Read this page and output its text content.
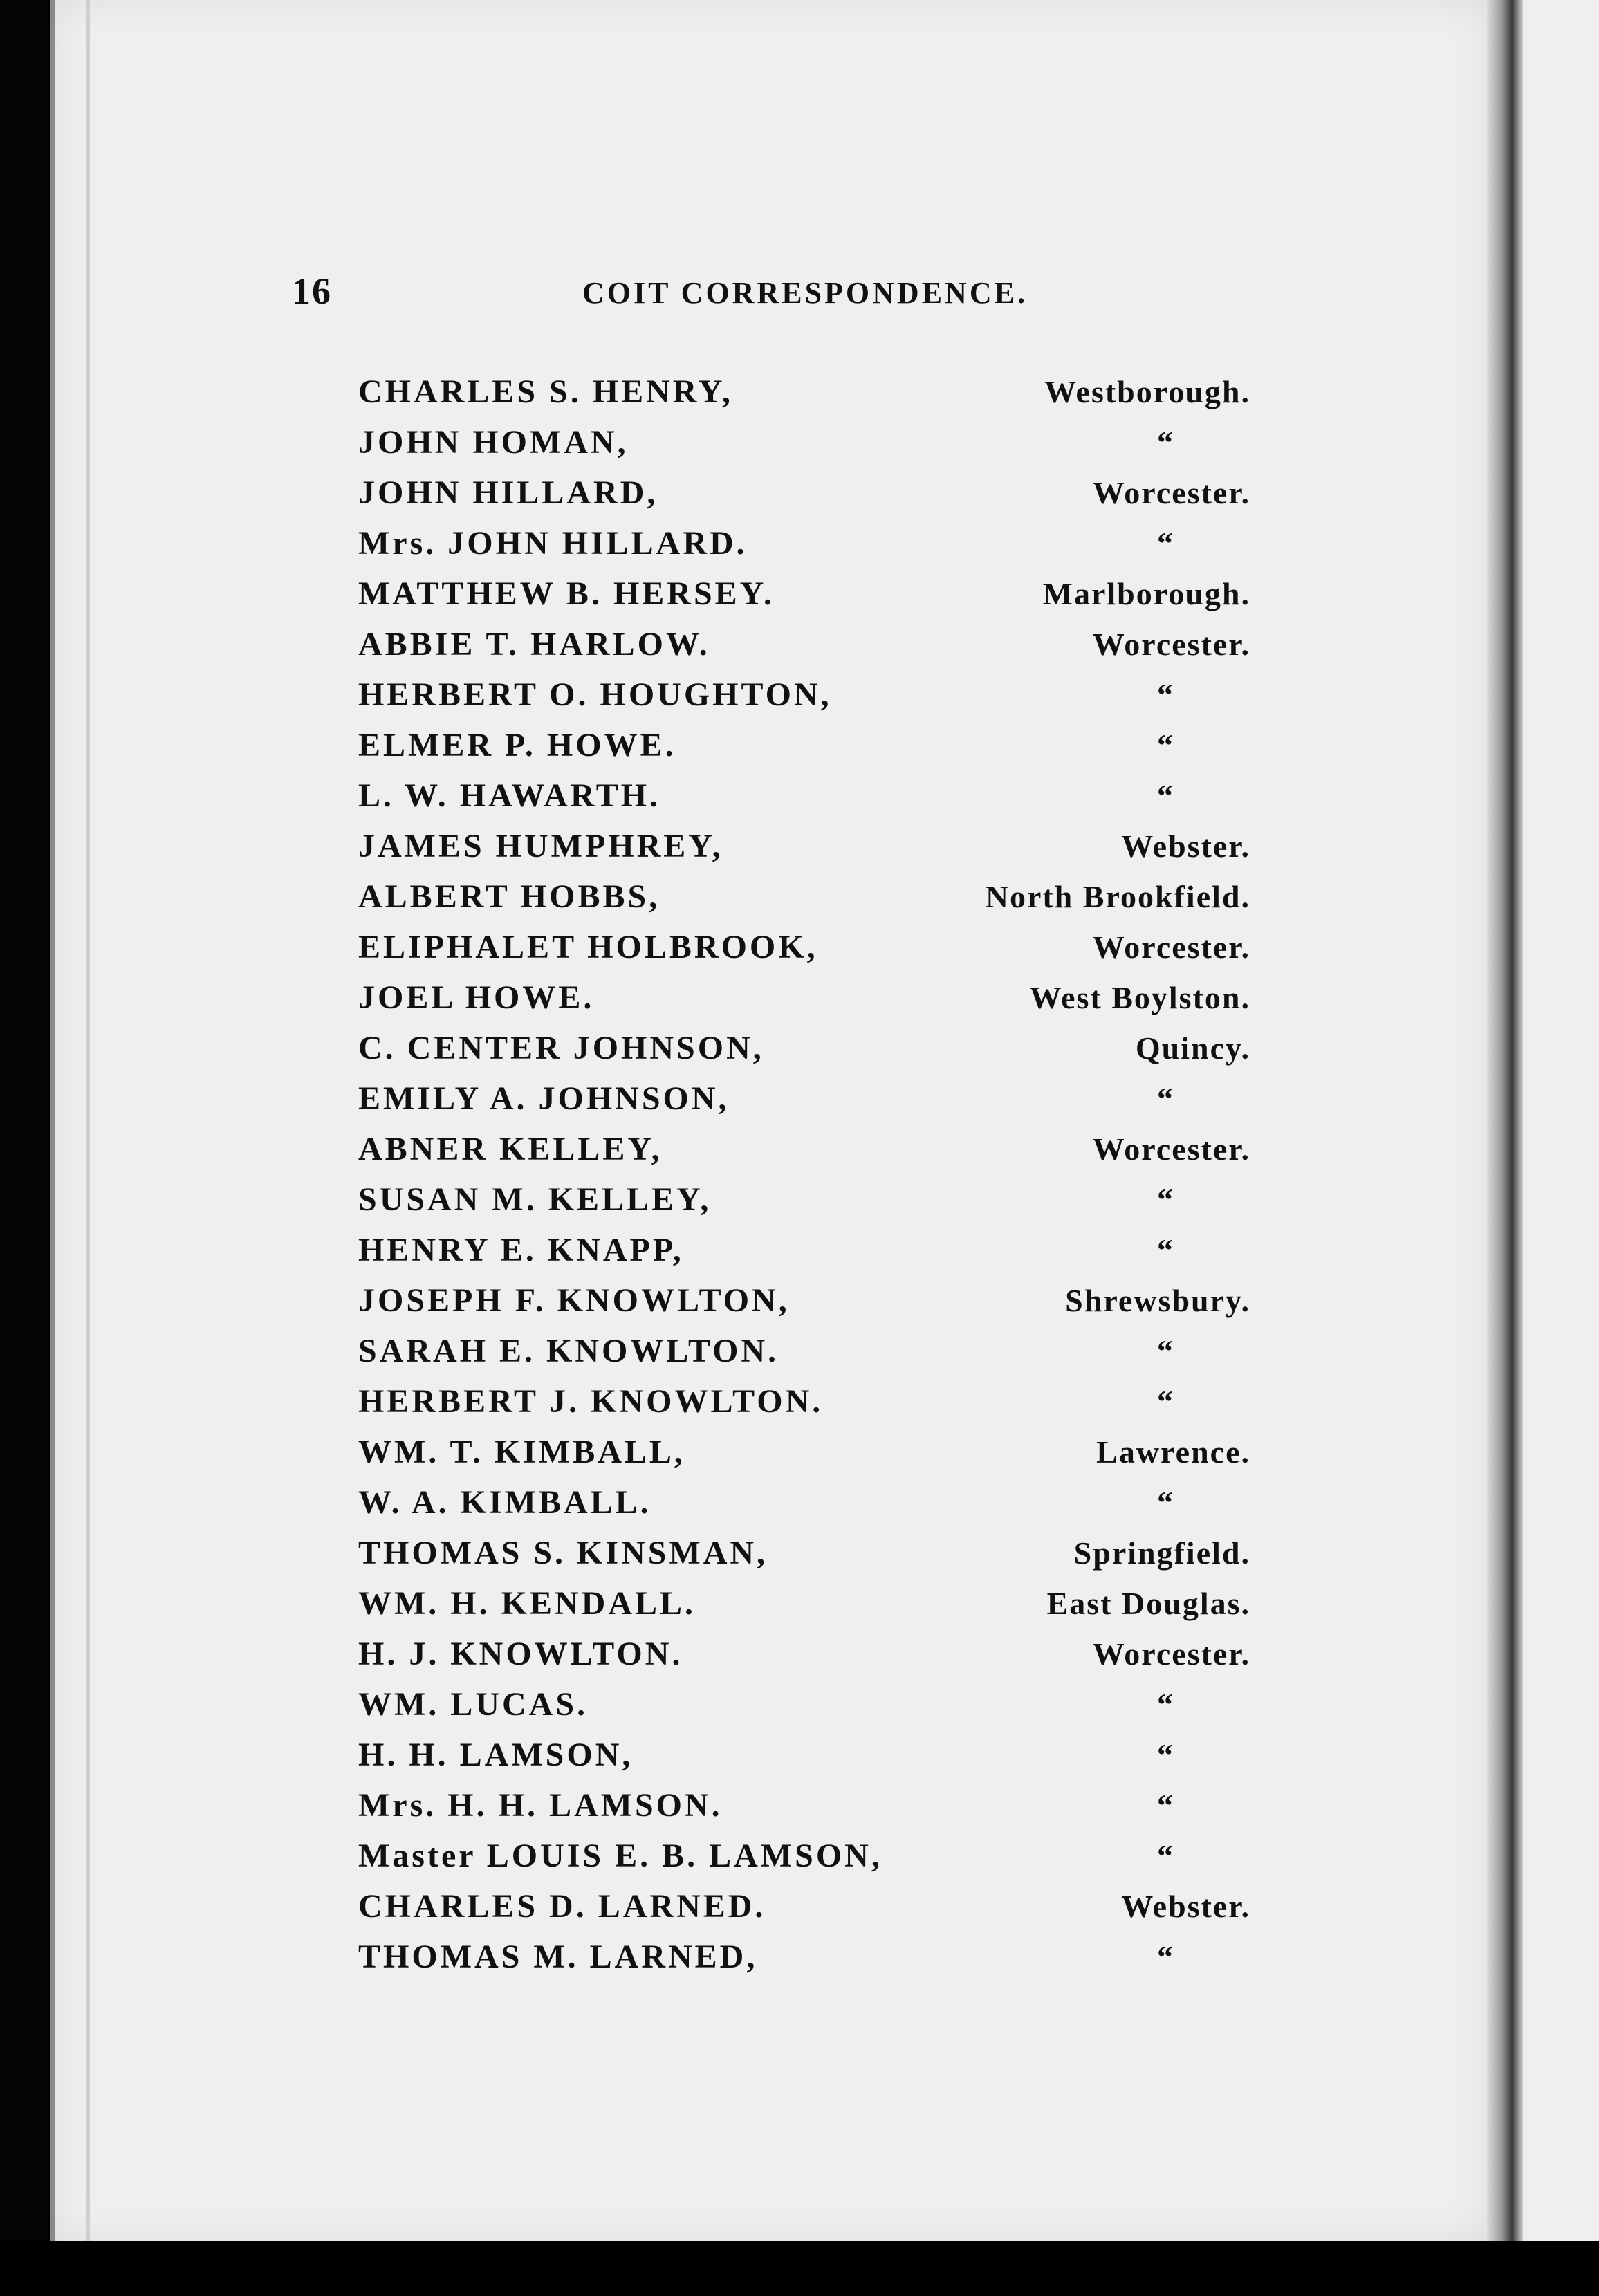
16	COIT CORRESPONDENCE.
CHARLES S. HENRY,	Westborough.
JOHN HOMAN,	“
JOHN HILLARD,	Worcester.
Mrs. JOHN HILLARD.	“
MATTHEW B. HERSEY.	Marlborough.
ABBIE T. HARLOW.	Worcester.
HERBERT O. HOUGHTON,	“
ELMER P. HOWE.	“
L. W. HAWARTH.	“
JAMES HUMPHREY,	Webster.
ALBERT HOBBS,	North Brookfield.
ELIPHALET HOLBROOK,	Worcester.
JOEL HOWE.	West Boylston.
C. CENTER JOHNSON,	Quincy.
EMILY A. JOHNSON,	“
ABNER KELLEY,	Worcester.
SUSAN M. KELLEY,	“
HENRY E. KNAPP,	“
JOSEPH F. KNOWLTON,	Shrewsbury.
SARAH E. KNOWLTON.	“
HERBERT J. KNOWLTON.	“
WM. T. KIMBALL,	Lawrence.
W. A. KIMBALL.	“
THOMAS S. KINSMAN,	Springfield.
WM. H. KENDALL.	East Douglas.
H. J. KNOWLTON.	Worcester.
WM. LUCAS.	“
H. H. LAMSON,	“
Mrs. H. H. LAMSON.	“
Master LOUIS E. B. LAMSON,	“
CHARLES D. LARNED.	Webster.
THOMAS M. LARNED,	“
